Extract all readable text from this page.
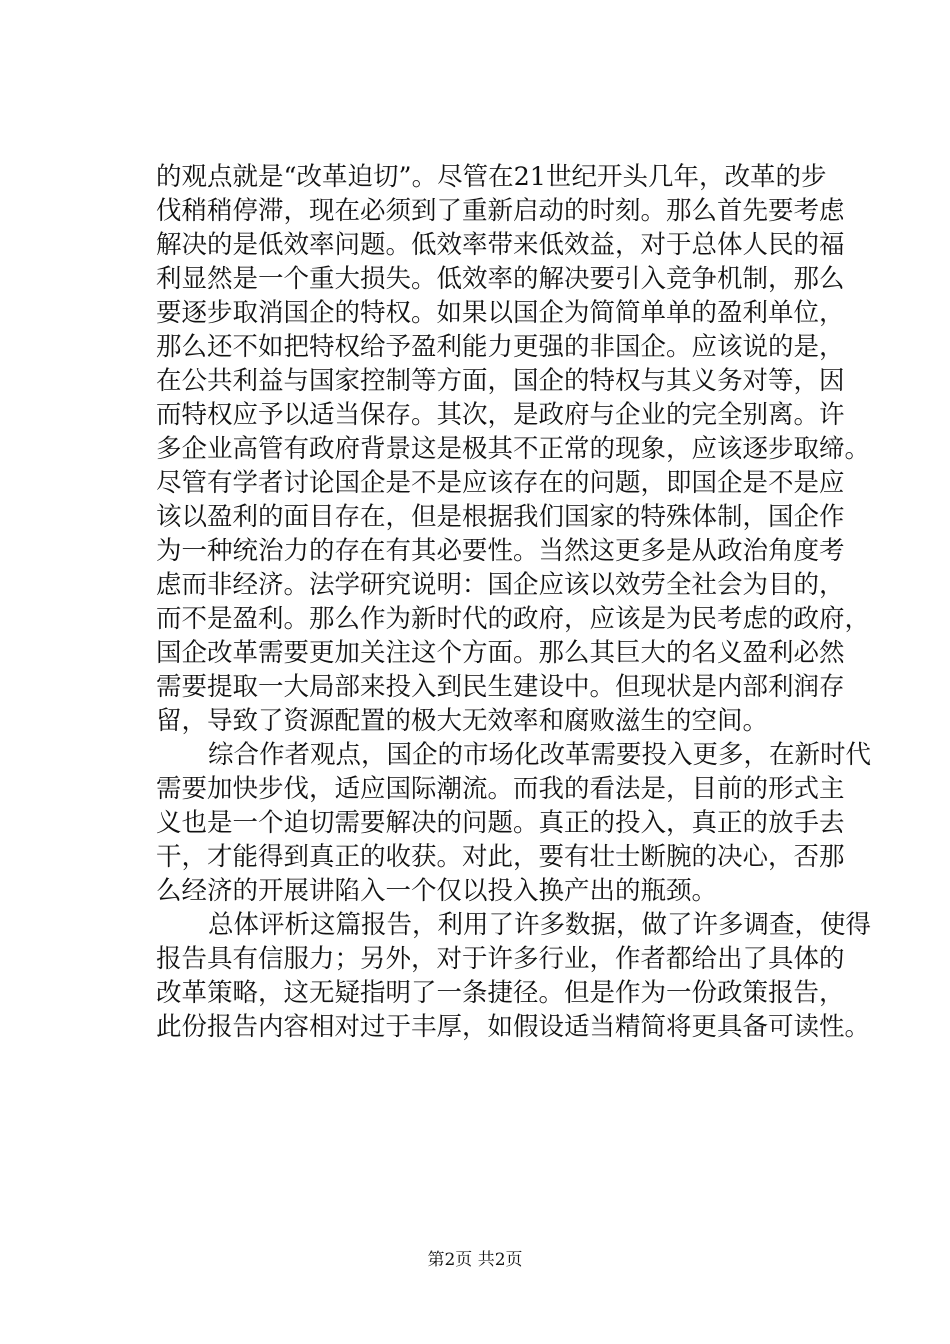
的观点就是“改革迫切”。尽管在21世纪开头几年，改革的步
伐稍稍停滞，现在必须到了重新启动的时刻。那么首先要考虑
解决的是低效率问题。低效率带来低效益，对于总体人民的福
利显然是一个重大损失。低效率的解决要引入竞争机制，那么
要逐步取消国企的特权。如果以国企为简简单单的盈利单位，
那么还不如把特权给予盈利能力更强的非国企。应该说的是，
在公共利益与国家控制等方面，国企的特权与其义务对等，因
而特权应予以适当保存。其次，是政府与企业的完全别离。许
多企业高管有政府背景这是极其不正常的现象，应该逐步取缔。
尽管有学者讨论国企是不是应该存在的问题，即国企是不是应
该以盈利的面目存在，但是根据我们国家的特殊体制，国企作
为一种统治力的存在有其必要性。当然这更多是从政治角度考
虑而非经济。法学研究说明：国企应该以效劳全社会为目的，
而不是盈利。那么作为新时代的政府，应该是为民考虑的政府，
国企改革需要更加关注这个方面。那么其巨大的名义盈利必然
需要提取一大局部来投入到民生建设中。但现状是内部利润存
留，导致了资源配置的极大无效率和腐败滋生的空间。
综合作者观点，国企的市场化改革需要投入更多，在新时代
需要加快步伐，适应国际潮流。而我的看法是，目前的形式主
义也是一个迫切需要解决的问题。真正的投入，真正的放手去
干，才能得到真正的收获。对此，要有壮士断腕的决心，否那
么经济的开展讲陷入一个仅以投入换产出的瓶颈。
总体评析这篇报告，利用了许多数据，做了许多调查，使得
报告具有信服力；另外，对于许多行业，作者都给出了具体的
改革策略，这无疑指明了一条捷径。但是作为一份政策报告，
此份报告内容相对过于丰厚，如假设适当精简将更具备可读性。
第2页 共2页
